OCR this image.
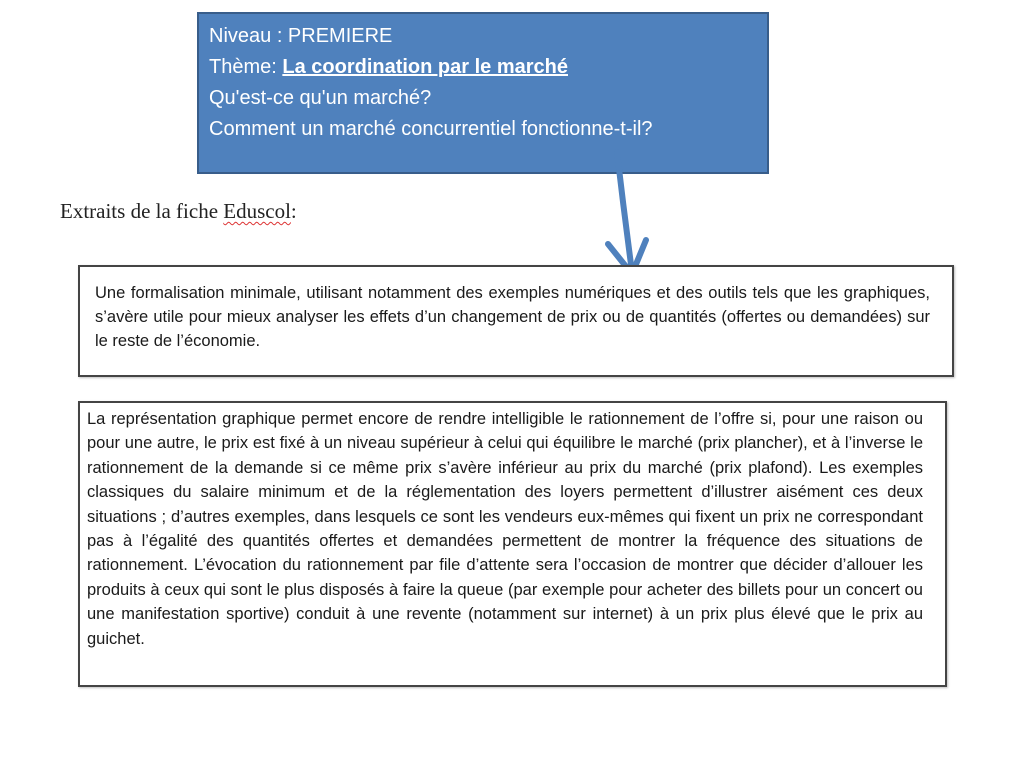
Niveau : PREMIERE
Thème: La coordination par le marché
Qu'est-ce qu'un marché?
Comment un marché concurrentiel fonctionne-t-il?
Extraits de la fiche Eduscol:

Une formalisation minimale, utilisant notamment des exemples numériques et des outils tels que les graphiques, s’avère utile pour mieux analyser les effets d’un changement de prix ou de quantités (offertes ou demandées) sur le reste de l’économie.

La représentation graphique permet encore de rendre intelligible le rationnement de l’offre si, pour une raison ou pour une autre, le prix est fixé à un niveau supérieur à celui qui équilibre le marché (prix plancher), et à l’inverse le rationnement de la demande si ce même prix s’avère inférieur au prix du marché (prix plafond). Les exemples classiques du salaire minimum et de la réglementation des loyers permettent d’illustrer aisément ces deux situations ; d’autres exemples, dans lesquels ce sont les vendeurs eux-mêmes qui fixent un prix ne correspondant pas à l’égalité des quantités offertes et demandées permettent de montrer la fréquence des situations de rationnement. L’évocation du rationnement par file d’attente sera l’occasion de montrer que décider d’allouer les produits à ceux qui sont le plus disposés à faire la queue (par exemple pour acheter des billets pour un concert ou une manifestation sportive) conduit à une revente (notamment sur internet) à un prix plus élevé que le prix au guichet.
